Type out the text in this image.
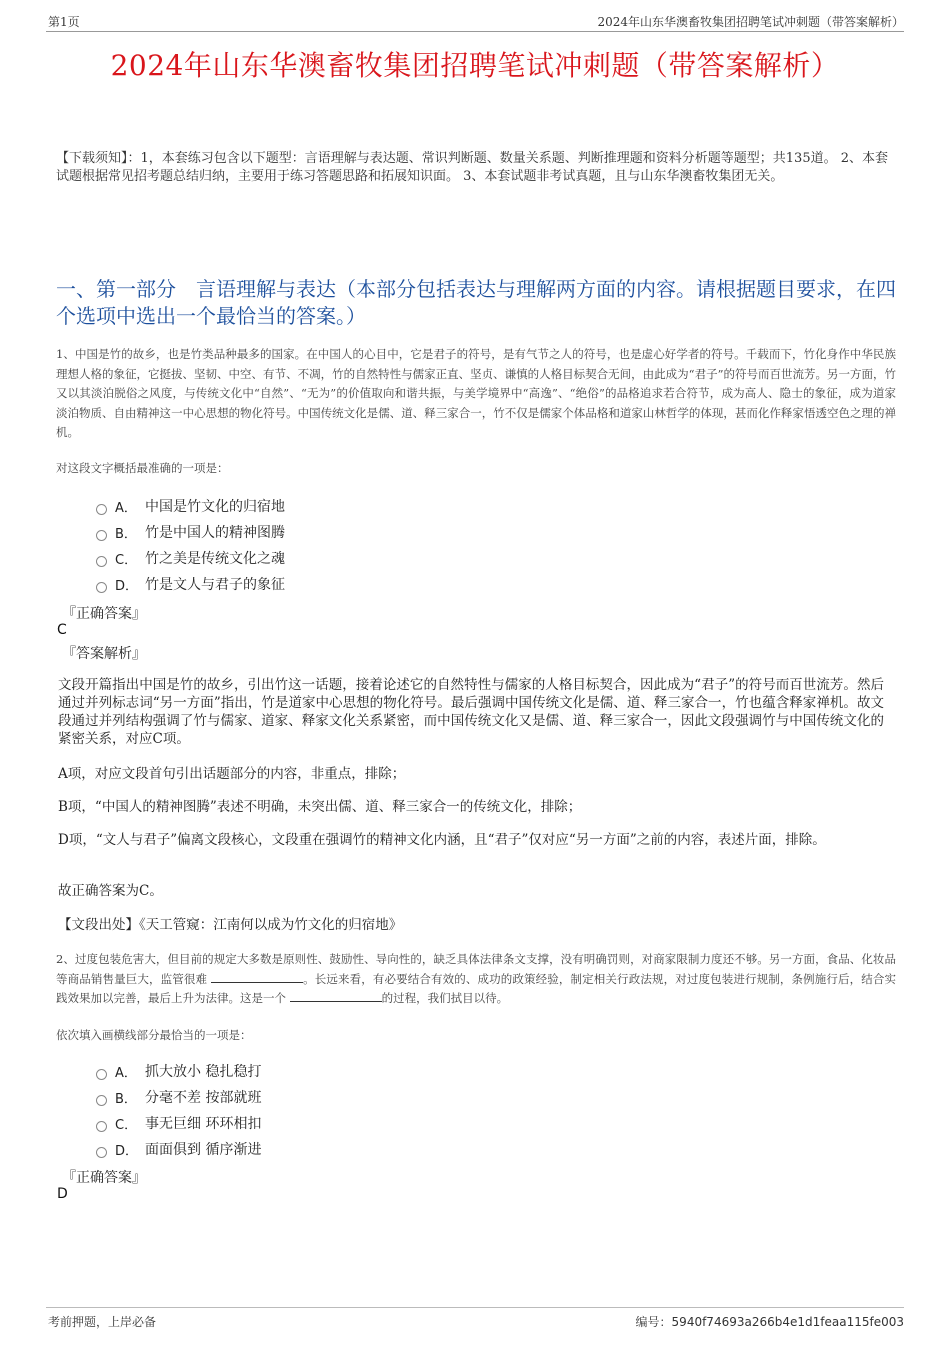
第1页	2024年山东华澳畜牧集团招聘笔试冲刺题（带答案解析）
2024年山东华澳畜牧集团招聘笔试冲刺题（带答案解析）
【下载须知】：1，本套练习包含以下题型：言语理解与表达题、常识判断题、数量关系题、判断推理题和资料分析题等题型；共135道。 2、本套试题根据常见招考题总结归纳，主要用于练习答题思路和拓展知识面。 3、本套试题非考试真题，且与山东华澳畜牧集团无关。
一、第一部分　言语理解与表达（本部分包括表达与理解两方面的内容。请根据题目要求，在四个选项中选出一个最恰当的答案。）
1、中国是竹的故乡，也是竹类品种最多的国家。在中国人的心目中，它是君子的符号，是有气节之人的符号，也是虚心好学者的符号。千载而下，竹化身作中华民族理想人格的象征，它挺拔、坚韧、中空、有节、不凋，竹的自然特性与儒家正直、坚贞、谦慎的人格目标契合无间，由此成为“君子”的符号而百世流芳。另一方面，竹又以其淡泊脱俗之风度，与传统文化中“自然”、“无为”的价值取向和谐共振，与美学境界中“高逸”、“绝俗”的品格追求若合符节，成为高人、隐士的象征，成为道家淡泊物质、自由精神这一中心思想的物化符号。中国传统文化是儒、道、释三家合一，竹不仅是儒家个体品格和道家山林哲学的体现，甚而化作释家悟透空色之理的禅机。
对这段文字概括最准确的一项是：
A． 中国是竹文化的归宿地
B． 竹是中国人的精神图腾
C． 竹之美是传统文化之魂
D． 竹是文人与君子的象征
『正确答案』
C
『答案解析』
文段开篇指出中国是竹的故乡，引出竹这一话题，接着论述它的自然特性与儒家的人格目标契合，因此成为“君子”的符号而百世流芳。然后通过并列标志词“另一方面”指出，竹是道家中心思想的物化符号。最后强调中国传统文化是儒、道、释三家合一，竹也蕴含释家禅机。故文段通过并列结构强调了竹与儒家、道家、释家文化关系紧密，而中国传统文化又是儒、道、释三家合一，因此文段强调竹与中国传统文化的紧密关系，对应C项。
A项，对应文段首句引出话题部分的内容，非重点，排除；
B项，“中国人的精神图腾”表述不明确，未突出儒、道、释三家合一的传统文化，排除；
D项，“文人与君子”偏离文段核心，文段重在强调竹的精神文化内涵，且“君子”仅对应“另一方面”之前的内容，表述片面，排除。
故正确答案为C。
【文段出处】《天工管窥：江南何以成为竹文化的归宿地》
2、过度包装危害大，但目前的规定大多数是原则性、鼓励性、导向性的，缺乏具体法律条文支撑，没有明确罚则，对商家限制力度还不够。另一方面，食品、化妆品等商品销售量巨大，监管很难	。长远来看，有必要结合有效的、成功的政策经验，制定相关行政法规，对过度包装进行规制，条例施行后，结合实践效果加以完善，最后上升为法律。这是一个	的过程，我们拭目以待。
依次填入画横线部分最恰当的一项是：
A． 抓大放小 稳扎稳打
B． 分毫不差 按部就班
C． 事无巨细 环环相扣
D． 面面俱到 循序渐进
『正确答案』
D
考前押题，上岸必备	编号：5940f74693a266b4e1d1feaa115fe003
